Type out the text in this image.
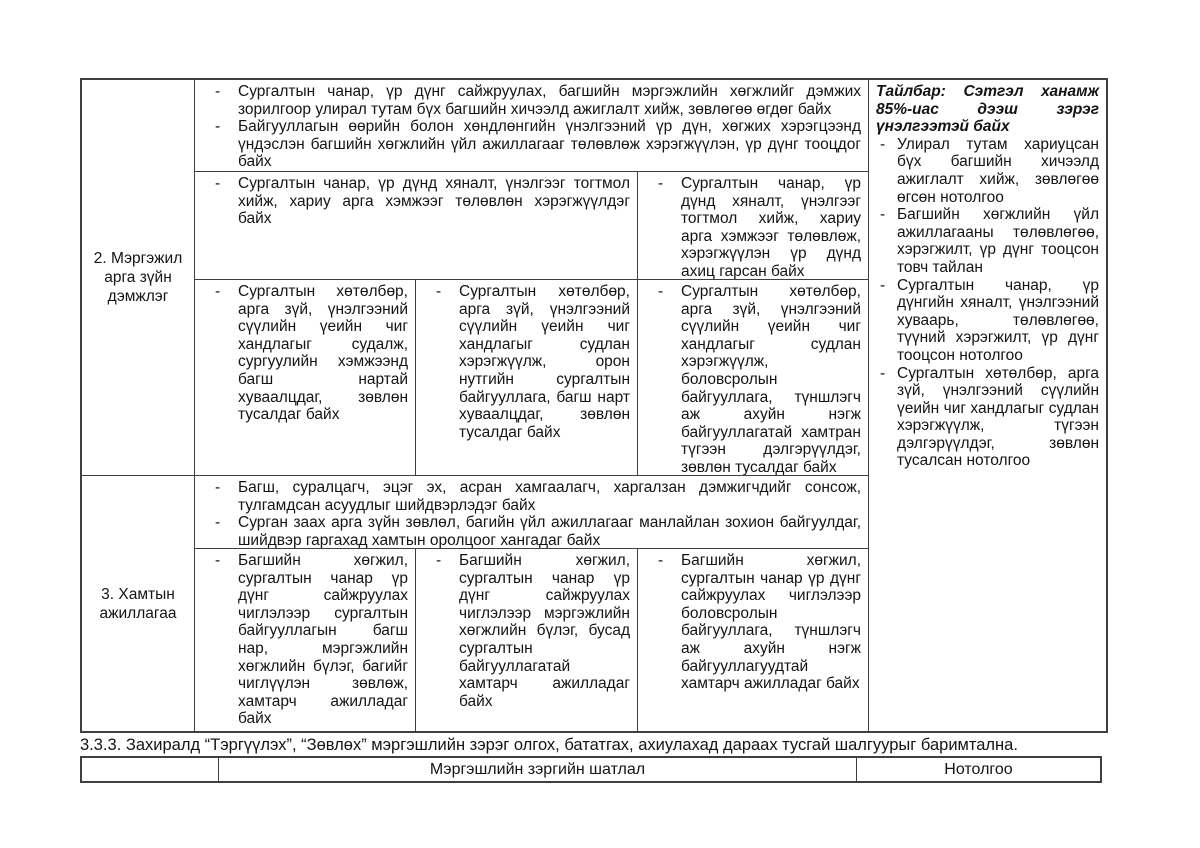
2. Мэргэжил арга зүйн дэмжлэг
3. Хамтын ажиллагаа
- Сургалтын чанар, үр дүнг сайжруулах, багшийн мэргэжлийн хөгжлийг дэмжих зорилгоор улирал тутам бүх багшийн хичээлд ажиглалт хийж, зөвлөгөө өгдөг байх
- Байгууллагын өөрийн болон хөндлөнгийн үнэлгээний үр дүн, хөгжих хэрэгцээнд үндэслэн багшийн хөгжлийн үйл ажиллагааг төлөвлөж хэрэгжүүлэн, үр дүнг тооцдог байх
- Сургалтын чанар, үр дүнд хяналт, үнэлгээг тогтмол хийж, хариу арга хэмжээг төлөвлөн хэрэгжүүлдэг байх
- Сургалтын чанар, үр дүнд хяналт, үнэлгээг тогтмол хийж, хариу арга хэмжээг төлөвлөж, хэрэгжүүлэн үр дүнд ахиц гарсан байх
- Сургалтын хөтөлбөр, арга зүй, үнэлгээний сүүлийн үеийн чиг хандлагыг судалж, сургуулийн хэмжээнд багш нартай хуваалцдаг, зөвлөн тусалдаг байх
- Сургалтын хөтөлбөр, арга зүй, үнэлгээний сүүлийн үеийн чиг хандлагыг судлан хэрэгжүүлж, орон нутгийн сургалтын байгууллага, багш нарт хуваалцдаг, зөвлөн тусалдаг байх
- Сургалтын хөтөлбөр, арга зүй, үнэлгээний сүүлийн үеийн чиг хандлагыг судлан хэрэгжүүлж, боловсролын байгууллага, түншлэгч аж ахуйн нэгж байгууллагатай хамтран түгээн дэлгэрүүлдэг, зөвлөн тусалдаг байх
- Багш, суралцагч, эцэг эх, асран хамгаалагч, харгалзан дэмжигчдийг сонсож, тулгамдсан асуудлыг шийдвэрлэдэг байх
- Сурган заах арга зүйн зөвлөл, багийн үйл ажиллагааг манлайлан зохион байгуулдаг, шийдвэр гаргахад хамтын оролцоог хангадаг байх
- Багшийн хөгжил, сургалтын чанар үр дүнг сайжруулах чиглэлээр сургалтын байгууллагын багш нар, мэргэжлийн хөгжлийн бүлэг, багийг чиглүүлэн зөвлөж, хамтарч ажилладаг байх
- Багшийн хөгжил, сургалтын чанар үр дүнг сайжруулах чиглэлээр мэргэжлийн хөгжлийн бүлэг, бусад сургалтын байгууллагатай хамтарч ажилладаг байх
- Багшийн хөгжил, сургалтын чанар үр дүнг сайжруулах чиглэлээр боловсролын байгууллага, түншлэгч аж ахуйн нэгж байгууллагуудтай хамтарч ажилладаг байх

Тайлбар: Сэтгэл ханамж 85%-иас дээш зэрэг үнэлгээтэй байх

- Улирал тутам хариуцсан бүх багшийн хичээлд ажиглалт хийж, зөвлөгөө өгсөн нотолгоо
- Багшийн хөгжлийн үйл ажиллагааны төлөвлөгөө, хэрэгжилт, үр дүнг тооцсон товч тайлан
- Сургалтын чанар, үр дүнгийн хяналт, үнэлгээний хуваарь, төлөвлөгөө, түүний хэрэгжилт, үр дүнг тооцсон нотолгоо
- Сургалтын хөтөлбөр, арга зүй, үнэлгээний сүүлийн үеийн чиг хандлагыг судлан хэрэгжүүлж, түгээн дэлгэрүүлдэг, зөвлөн тусалсан нотолгоо
3.3.3. Захиралд “Тэргүүлэх”, “Зөвлөх” мэргэшлийн зэрэг олгох, бататгах, ахиулахад дараах тусгай шалгуурыг баримтална.
Мэргэшлийн зэргийн шатлал	Нотолгоо
